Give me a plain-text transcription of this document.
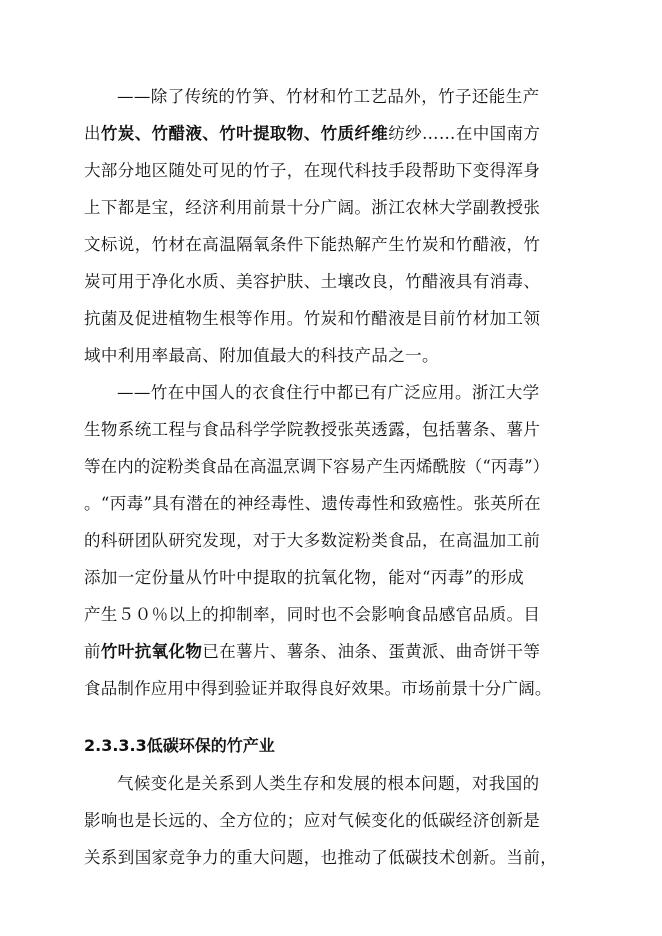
——除了传统的竹笋、竹材和竹工艺品外，竹子还能生产
出竹炭、竹醋液、竹叶提取物、竹质纤维纺纱……在中国南方
大部分地区随处可见的竹子，在现代科技手段帮助下变得浑身
上下都是宝，经济利用前景十分广阔。浙江农林大学副教授张
文标说，竹材在高温隔氧条件下能热解产生竹炭和竹醋液，竹
炭可用于净化水质、美容护肤、土壤改良，竹醋液具有消毒、
抗菌及促进植物生根等作用。竹炭和竹醋液是目前竹材加工领
域中利用率最高、附加值最大的科技产品之一。
——竹在中国人的衣食住行中都已有广泛应用。浙江大学
生物系统工程与食品科学学院教授张英透露，包括薯条、薯片
等在内的淀粉类食品在高温烹调下容易产生丙烯酰胺（“丙毒”）
。“丙毒”具有潜在的神经毒性、遗传毒性和致癌性。张英所在
的科研团队研究发现，对于大多数淀粉类食品，在高温加工前
添加一定份量从竹叶中提取的抗氧化物，能对“丙毒”的形成
产生５０％以上的抑制率，同时也不会影响食品感官品质。目
前竹叶抗氧化物已在薯片、薯条、油条、蛋黄派、曲奇饼干等
食品制作应用中得到验证并取得良好效果。市场前景十分广阔。
2.3.3.3低碳环保的竹产业
气候变化是关系到人类生存和发展的根本问题，对我国的
影响也是长远的、全方位的；应对气候变化的低碳经济创新是
关系到国家竞争力的重大问题，也推动了低碳技术创新。当前，
